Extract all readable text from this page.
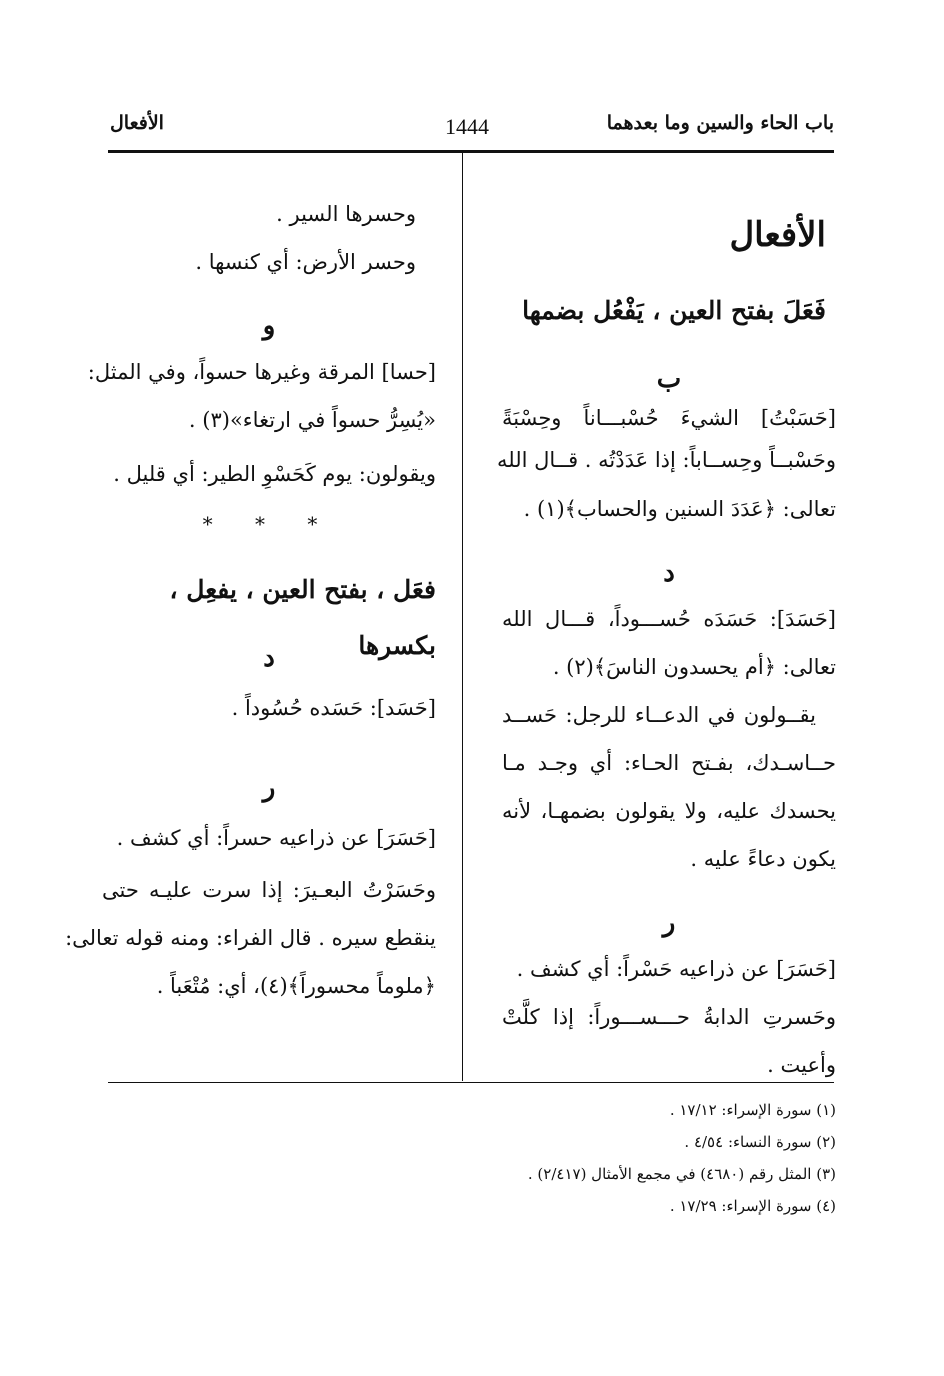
باب الحاء والسين وما بعدهما
1444
الأفعال
الأفعال
فَعَلَ بفتح العين ، يَفْعُل بضمها
ب
[حَسَبْتُ] الشيءَ حُسْبـــاناً وحِسْبَةً
وحَسْبــاً وحِســاباً: إذا عَدَدْتُه . قــال الله
تعالى: ﴿عَدَدَ السنين والحساب﴾(١) .
د
[حَسَدَ]: حَسَدَه حُســـوداً، قـــال الله
تعالى: ﴿أم يحسدون الناسَ﴾(٢) .
يقــولون في الدعــاء للرجل: حَســد
حــاسـدك، بفـتح الحـاء: أي وجـد مـا
يحسدك عليه، ولا يقولون بضمهـا، لأنه
يكون دعاءً عليه .
ر
[حَسَرَ] عن ذراعيه حَسْراً: أي كشف .
وحَسرتِ الدابةُ حـــســـوراً: إذا كلَّتْ
وأعيت .
وحسرها السير .
وحسر الأرض: أي كنسها .
و
[حسا] المرقة وغيرها حسواً، وفي المثل:
«يُسِرُّ حسواً في ارتغاء»(٣) .
ويقولون: يوم كَحَسْوِ الطير: أي قليل .
* * *
فعَل ، بفتح العين ، يفعِل ، بكسرها
د
[حَسَد]: حَسَده حُسُوداً .
ر
[حَسَرَ] عن ذراعيه حسراً: أي كشف .
وحَسَرْتُ البعـيرَ: إذا سرت عليـه حتى
ينقطع سيره . قال الفراء: ومنه قوله تعالى:
﴿ملوماً محسوراً﴾(٤)، أي: مُتْعَباً .
(١) سورة الإسراء: ١٧/١٢ .
(٢) سورة النساء: ٤/٥٤ .
(٣) المثل رقم (٤٦٨٠) في مجمع الأمثال (٢/٤١٧) .
(٤) سورة الإسراء: ١٧/٢٩ .
